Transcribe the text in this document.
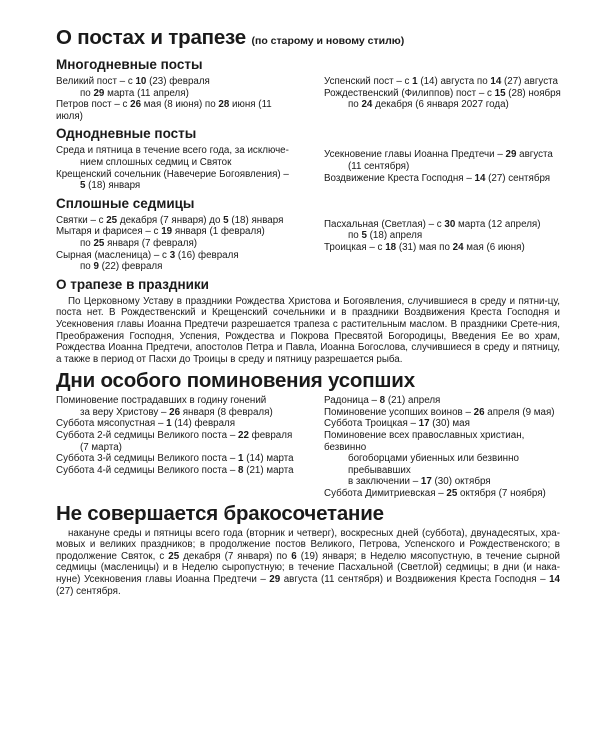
О постах и трапезе (по старому и новому стилю)
Многодневные посты

Великий пост – с 10 (23) февраля
по 29 марта (11 апреля)

Петров пост – с 26 мая (8 июня) по 28 июня (11 июля)

Успенский пост – с 1 (14) августа по 14 (27) августа

Рождественский (Филиппов) пост – с 15 (28) ноября
по 24 декабря (6 января 2027 года)

Однодневные посты

Среда и пятница в течение всего года, за исключе-
нием сплошных седмиц и Святок

Крещенский сочельник (Навечерие Богоявления) –
5 (18) января

Усекновение главы Иоанна Предтечи – 29 августа
(11 сентября)

Воздвижение Креста Господня – 14 (27) сентября

Сплошные седмицы

Святки – с 25 декабря (7 января) до 5 (18) января

Мытаря и фарисея – с 19 января (1 февраля)
по 25 января (7 февраля)

Сырная (масленица) – с 3 (16) февраля
по 9 (22) февраля

Пасхальная (Светлая) – с 30 марта (12 апреля)
по 5 (18) апреля

Троицкая – с 18 (31) мая по 24 мая (6 июня)

О трапезе в праздники

По Церковному Уставу в праздники Рождества Христова и Богоявления, случившиеся в среду и пятни-цу, поста нет. В Рождественский и Крещенский сочельники и в праздники Воздвижения Креста Господня и Усекновения главы Иоанна Предтечи разрешается трапеза с растительным маслом. В праздники Срете-ния, Преображения Господня, Успения, Рождества и Покрова Пресвятой Богородицы, Введения Ее во храм, Рождества Иоанна Предтечи, апостолов Петра и Павла, Иоанна Богослова, случившиеся в среду и пятницу, а также в период от Пасхи до Троицы в среду и пятницу разрешается рыба.

Дни особого поминовения усопших

Поминовение пострадавших в годину гонений
за веру Христову – 26 января (8 февраля)

Суббота мясопустная – 1 (14) февраля

Суббота 2-й седмицы Великого поста – 22 февраля
(7 марта)

Суббота 3-й седмицы Великого поста – 1 (14) марта

Суббота 4-й седмицы Великого поста – 8 (21) марта

Радоница – 8 (21) апреля

Поминовение усопших воинов – 26 апреля (9 мая)

Суббота Троицкая – 17 (30) мая

Поминовение всех православных христиан, безвинно
богоборцами убиенных или безвинно пребывавших
в заключении – 17 (30) октября

Суббота Димитриевская – 25 октября (7 ноября)

Не совершается бракосочетание

накануне среды и пятницы всего года (вторник и четверг), воскресных дней (суббота), двунадесятых, хра-мовых и великих праздников; в продолжение постов Великого, Петрова, Успенского и Рождественского; в продолжение Святок, с 25 декабря (7 января) по 6 (19) января; в Неделю мясопустную, в течение сырной седмицы (масленицы) и в Неделю сыропустную; в течение Пасхальной (Светлой) седмицы; в дни (и нака-нуне) Усекновения главы Иоанна Предтечи – 29 августа (11 сентября) и Воздвижения Креста Господня – 14 (27) сентября.
